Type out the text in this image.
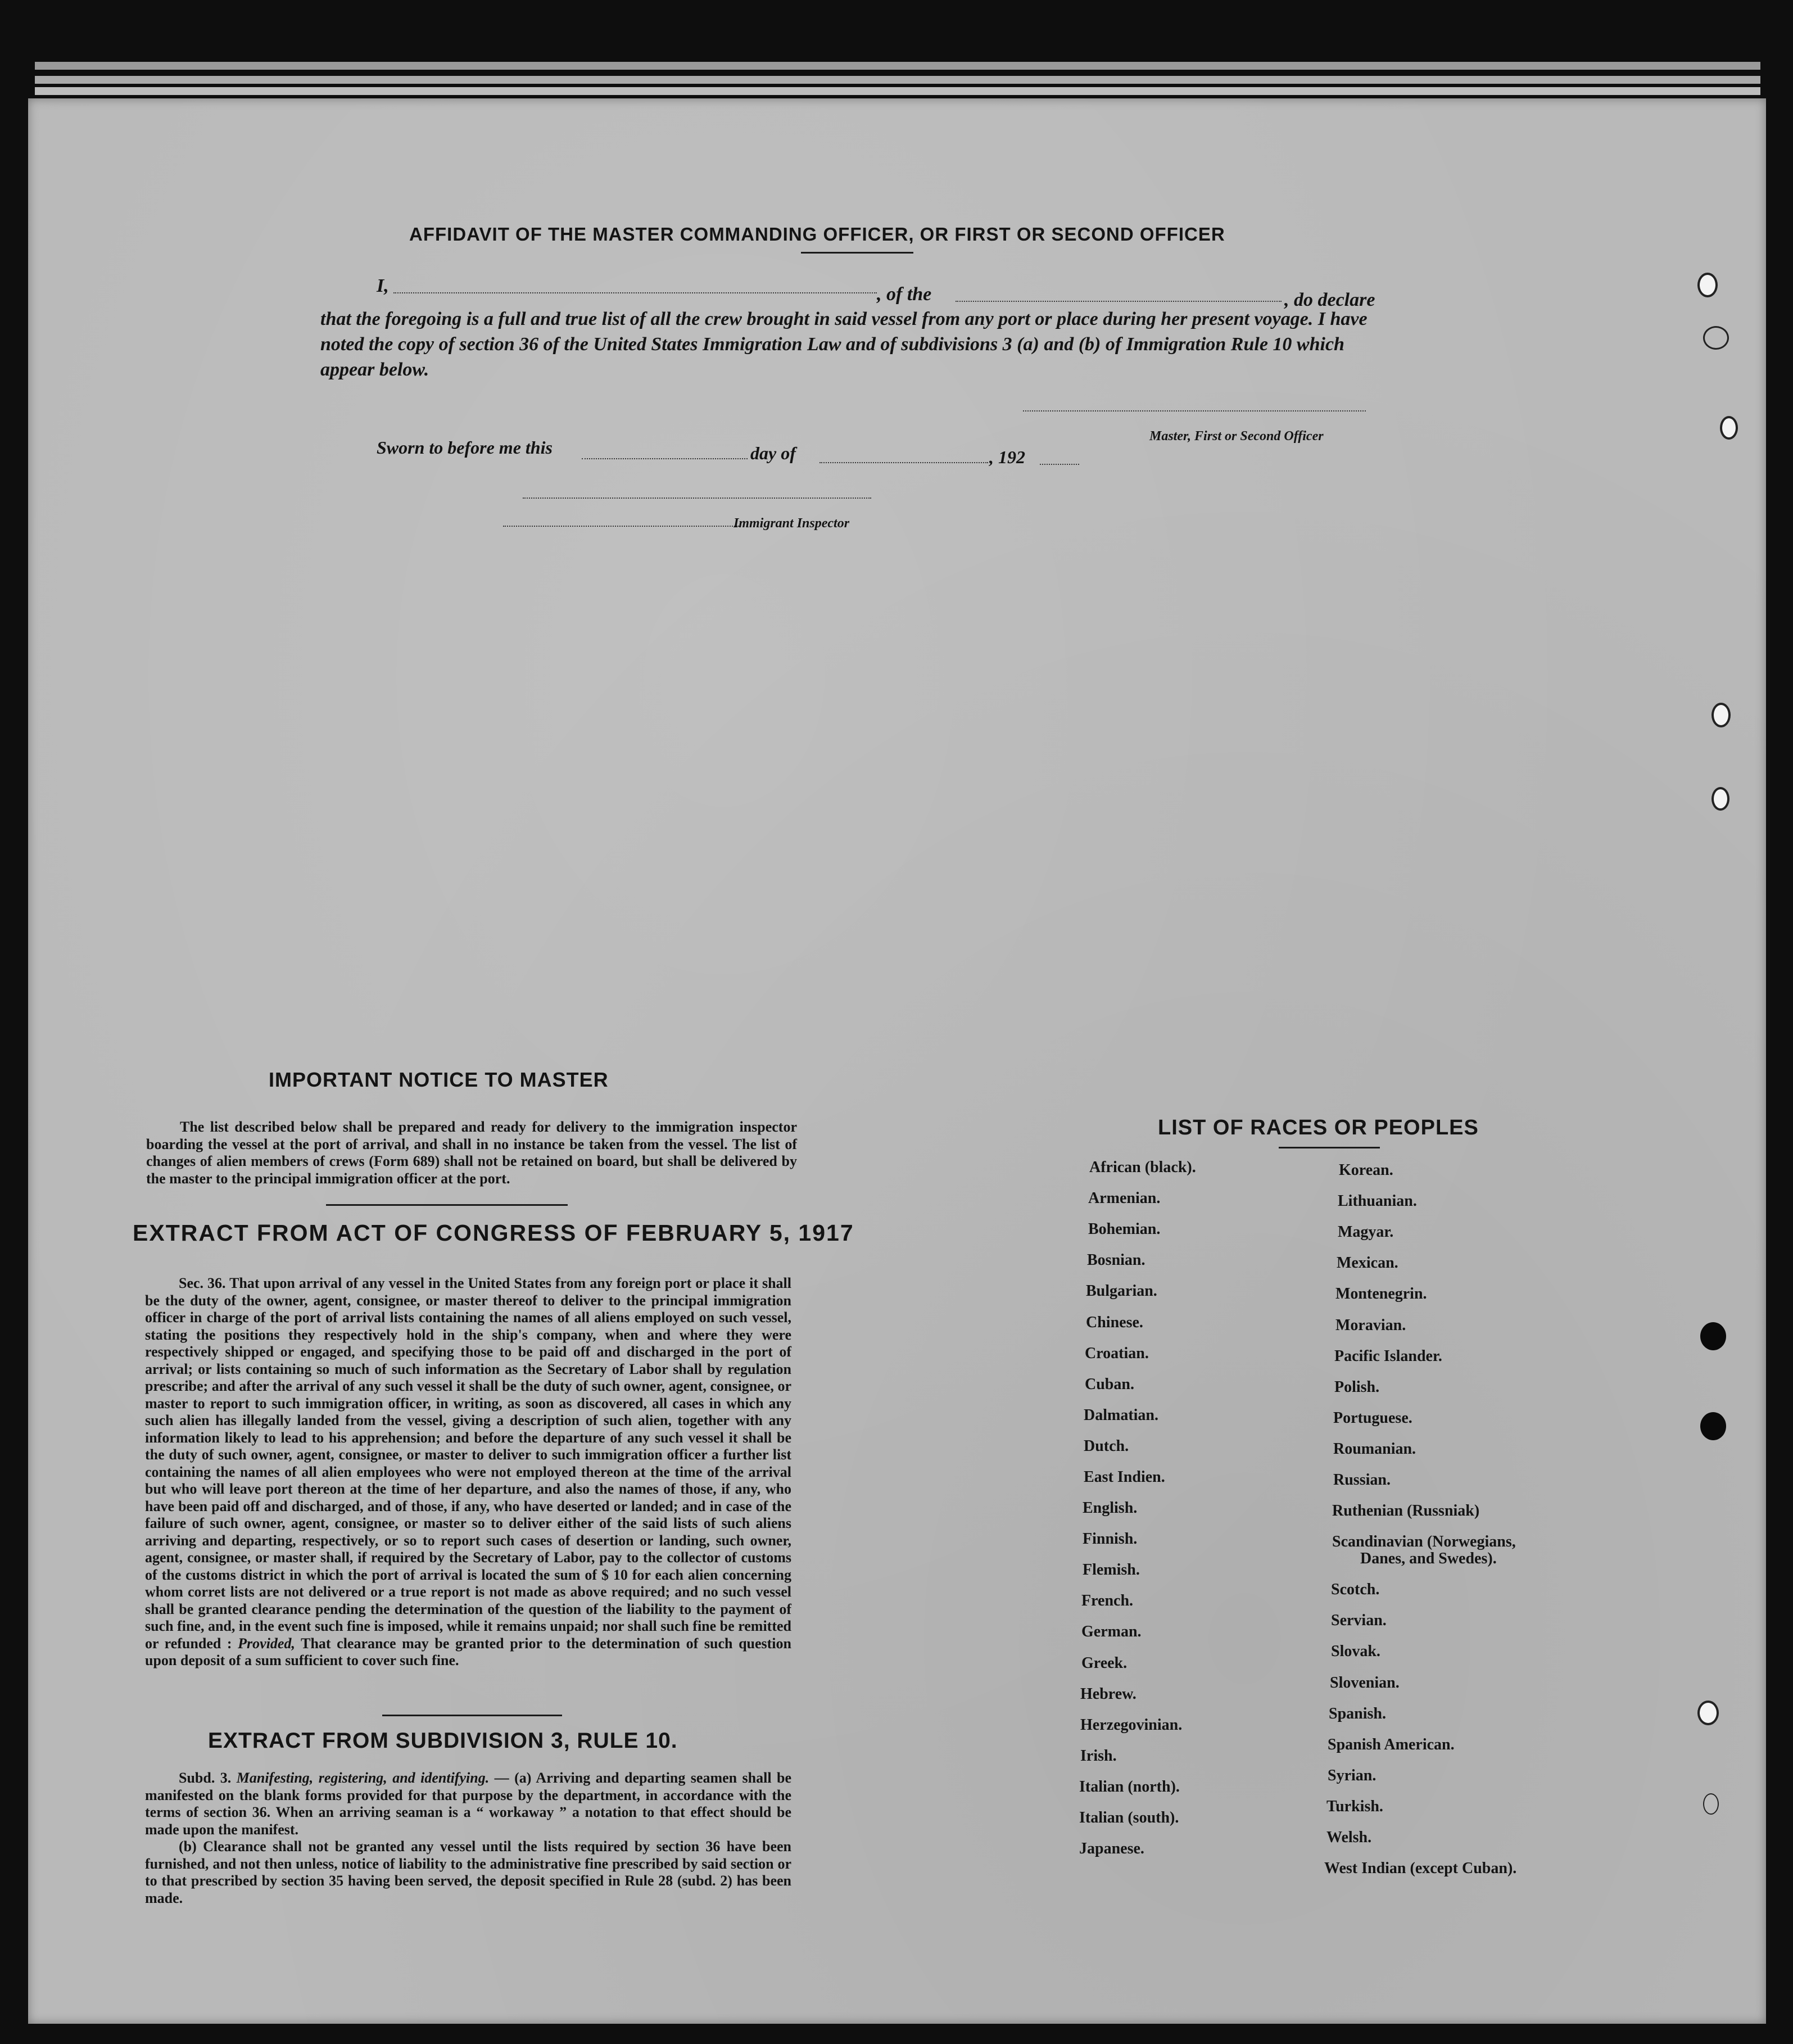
AFFIDAVIT OF THE MASTER COMMANDING OFFICER, OR FIRST OR SECOND OFFICER
I,	, of the	, do declare
that the foregoing is a full and true list of all the crew brought in said vessel from any port or place during her present voyage. I have noted the copy of section 36 of the United States Immigration Law and of subdivisions 3 (a) and (b) of Immigration Rule 10 which appear below.
Master, First or Second Officer
Sworn to before me this	day of	, 192
Immigrant Inspector
IMPORTANT NOTICE TO MASTER
The list described below shall be prepared and ready for delivery to the immigration inspector boarding the vessel at the port of arrival, and shall in no instance be taken from the vessel. The list of changes of alien members of crews (Form 689) shall not be retained on board, but shall be delivered by the master to the principal immigration officer at the port.
EXTRACT FROM ACT OF CONGRESS OF FEBRUARY 5, 1917
Sec. 36. That upon arrival of any vessel in the United States from any foreign port or place it shall be the duty of the owner, agent, consignee, or master thereof to deliver to the principal immigration officer in charge of the port of arrival lists containing the names of all aliens employed on such vessel, stating the positions they respectively hold in the ship's company, when and where they were respectively shipped or engaged, and specifying those to be paid off and discharged in the port of arrival; or lists containing so much of such information as the Secretary of Labor shall by regulation prescribe; and after the arrival of any such vessel it shall be the duty of such owner, agent, consignee, or master to report to such immigration officer, in writing, as soon as discovered, all cases in which any such alien has illegally landed from the vessel, giving a description of such alien, together with any information likely to lead to his apprehension; and before the departure of any such vessel it shall be the duty of such owner, agent, consignee, or master to deliver to such immigration officer a further list containing the names of all alien employees who were not employed thereon at the time of the arrival but who will leave port thereon at the time of her departure, and also the names of those, if any, who have been paid off and discharged, and of those, if any, who have deserted or landed; and in case of the failure of such owner, agent, consignee, or master so to deliver either of the said lists of such aliens arriving and departing, respectively, or so to report such cases of desertion or landing, such owner, agent, consignee, or master shall, if required by the Secretary of Labor, pay to the collector of customs of the customs district in which the port of arrival is located the sum of $ 10 for each alien concerning whom corret lists are not delivered or a true report is not made as above required; and no such vessel shall be granted clearance pending the determination of the question of the liability to the payment of such fine, and, in the event such fine is imposed, while it remains unpaid; nor shall such fine be remitted or refunded : Provided, That clearance may be granted prior to the determination of such question upon deposit of a sum sufficient to cover such fine.
EXTRACT FROM SUBDIVISION 3, RULE 10.
Subd. 3. Manifesting, registering, and identifying. — (a) Arriving and departing seamen shall be manifested on the blank forms provided for that purpose by the department, in accordance with the terms of section 36. When an arriving seaman is a “ workaway ” a notation to that effect should be made upon the manifest.
(b) Clearance shall not be granted any vessel until the lists required by section 36 have been furnished, and not then unless, notice of liability to the administrative fine prescribed by said section or to that prescribed by section 35 having been served, the deposit specified in Rule 28 (subd. 2) has been made.
LIST OF RACES OR PEOPLES
African (black).
Armenian.
Bohemian.
Bosnian.
Bulgarian.
Chinese.
Croatian.
Cuban.
Dalmatian.
Dutch.
East Indien.
English.
Finnish.
Flemish.
French.
German.
Greek.
Hebrew.
Herzegovinian.
Irish.
Italian (north).
Italian (south).
Japanese.
Korean.
Lithuanian.
Magyar.
Mexican.
Montenegrin.
Moravian.
Pacific Islander.
Polish.
Portuguese.
Roumanian.
Russian.
Ruthenian (Russniak)
Scandinavian (Norwegians,
Danes, and Swedes).
Scotch.
Servian.
Slovak.
Slovenian.
Spanish.
Spanish American.
Syrian.
Turkish.
Welsh.
West Indian (except Cuban).
